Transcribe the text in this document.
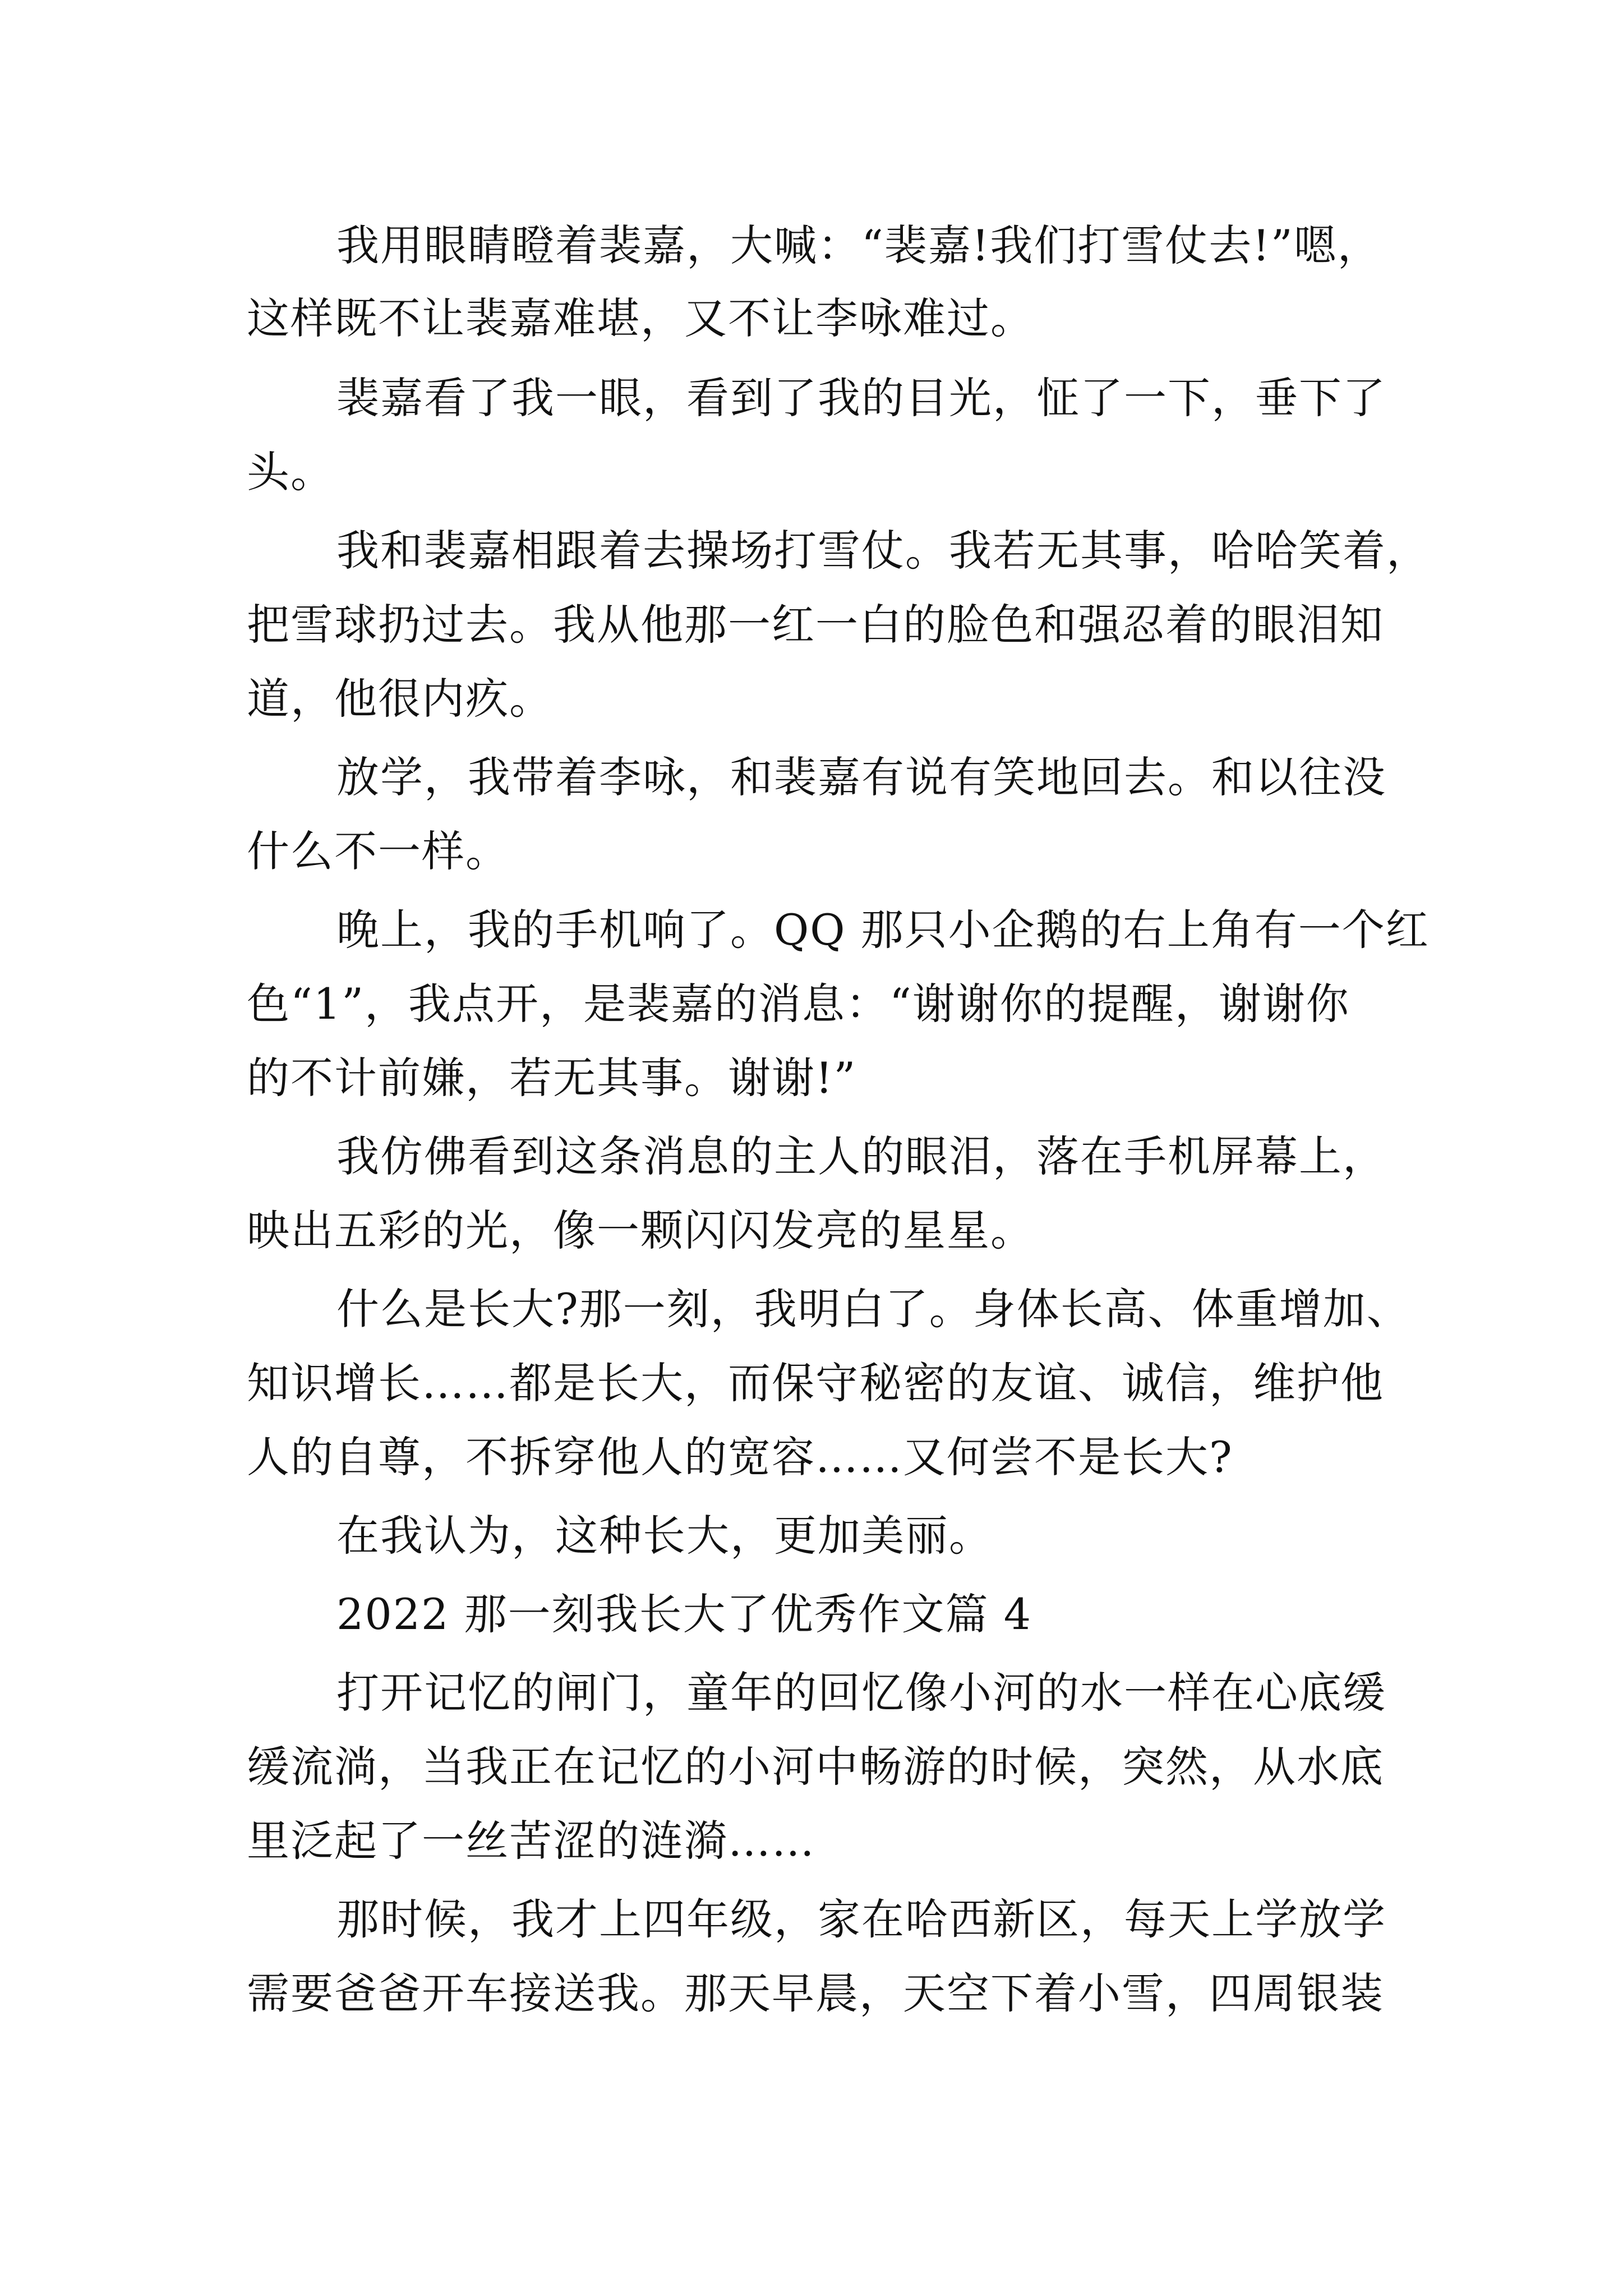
我用眼睛瞪着裴嘉，大喊：“裴嘉!我们打雪仗去!”嗯，
这样既不让裴嘉难堪，又不让李咏难过。
裴嘉看了我一眼，看到了我的目光，怔了一下，垂下了
头。
我和裴嘉相跟着去操场打雪仗。我若无其事，哈哈笑着，
把雪球扔过去。我从他那一红一白的脸色和强忍着的眼泪知
道，他很内疚。
放学，我带着李咏，和裴嘉有说有笑地回去。和以往没
什么不一样。
晚上，我的手机响了。QQ 那只小企鹅的右上角有一个红
色“1”，我点开，是裴嘉的消息：“谢谢你的提醒，谢谢你
的不计前嫌，若无其事。谢谢!”
我仿佛看到这条消息的主人的眼泪，落在手机屏幕上，
映出五彩的光，像一颗闪闪发亮的星星。
什么是长大?那一刻，我明白了。身体长高、体重增加、
知识增长……都是长大，而保守秘密的友谊、诚信，维护他
人的自尊，不拆穿他人的宽容……又何尝不是长大?
在我认为，这种长大，更加美丽。
2022 那一刻我长大了优秀作文篇 4
打开记忆的闸门，童年的回忆像小河的水一样在心底缓
缓流淌，当我正在记忆的小河中畅游的时候，突然，从水底
里泛起了一丝苦涩的涟漪……
那时候，我才上四年级，家在哈西新区，每天上学放学
需要爸爸开车接送我。那天早晨，天空下着小雪，四周银装
